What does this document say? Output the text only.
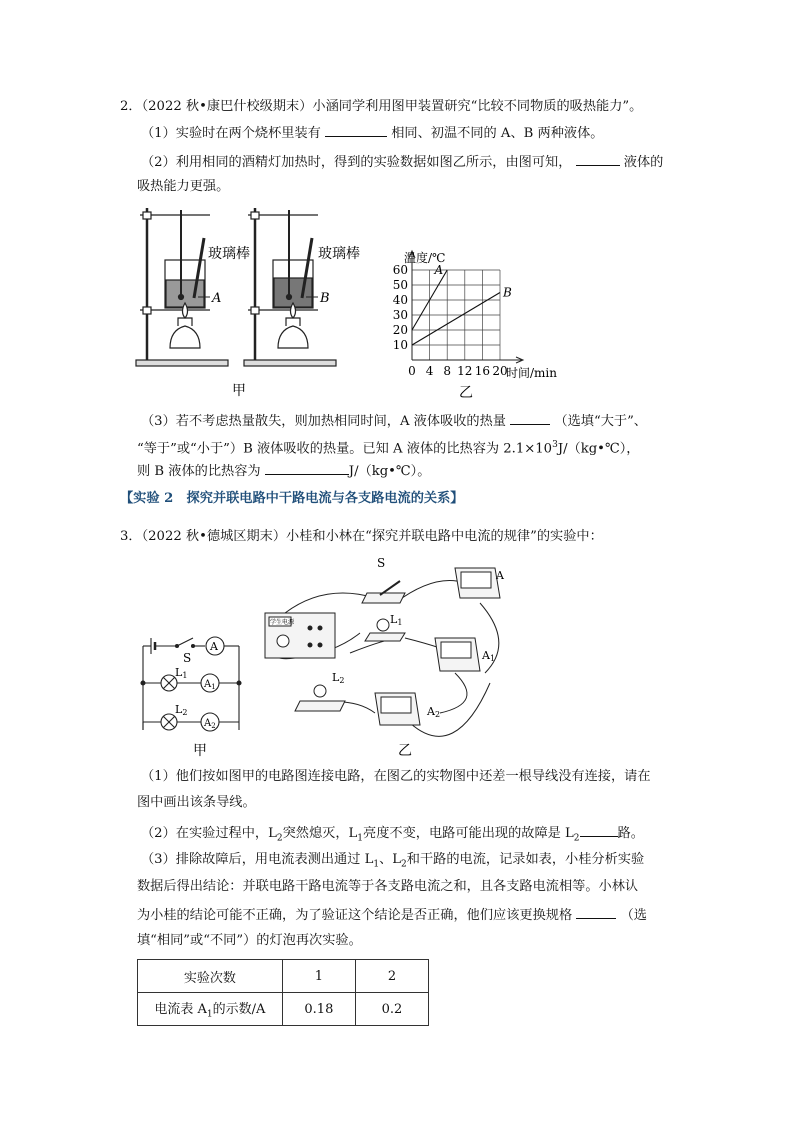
2．（2022 秋•康巴什校级期末）小涵同学利用图甲装置研究“比较不同物质的吸热能力”。
（1）实验时在两个烧杯里装有	相同、初温不同的 A、B 两种液体。
（2）利用相同的酒精灯加热时，得到的实验数据如图乙所示，由图可知，	液体的
吸热能力更强。
玻璃棒	玻璃棒
A	B
甲
10
20
30
40
50
60
0 4 8 12 16 20
温度/℃
时间/min
A
B
乙
（3）若不考虑热量散失，则加热相同时间，A 液体吸收的热量	（选填“大于”、
“等于”或“小于”）B 液体吸收的热量。已知 A 液体的比热容为 $2.1\times 10^3J/(kg•℃)$，
则 B 液体的比热容为	J/（kg•℃）。
【实验 2　探究并联电路中干路电流与各支路电流的关系】
3．（2022 秋•德城区期末）小桂和小林在“探究并联电路中电流的规律”的实验中：
S
A
L1
$A_1$
L2
$A_2$
甲
学生电源
S
A
L1
A1
L2
A2
乙
（1）他们按如图甲的电路图连接电路，在图乙的实物图中还差一根导线没有连接，请在
图中画出该条导线。
（2）在实验过程中，$L_2$突然熄灭，$L_1$亮度不变，电路可能出现的故障是 $L_2$	路。
（3）排除故障后，用电流表测出通过 $L_1$、$L_2$和干路的电流，记录如表，小桂分析实验
数据后得出结论：并联电路干路电流等于各支路电流之和，且各支路电流相等。小林认
为小桂的结论可能不正确，为了验证这个结论是否正确，他们应该更换规格	（选
填“相同”或“不同”）的灯泡再次实验。
实验次数	1	2
电流表 $A_1$的示数/A	0.18	0.2
